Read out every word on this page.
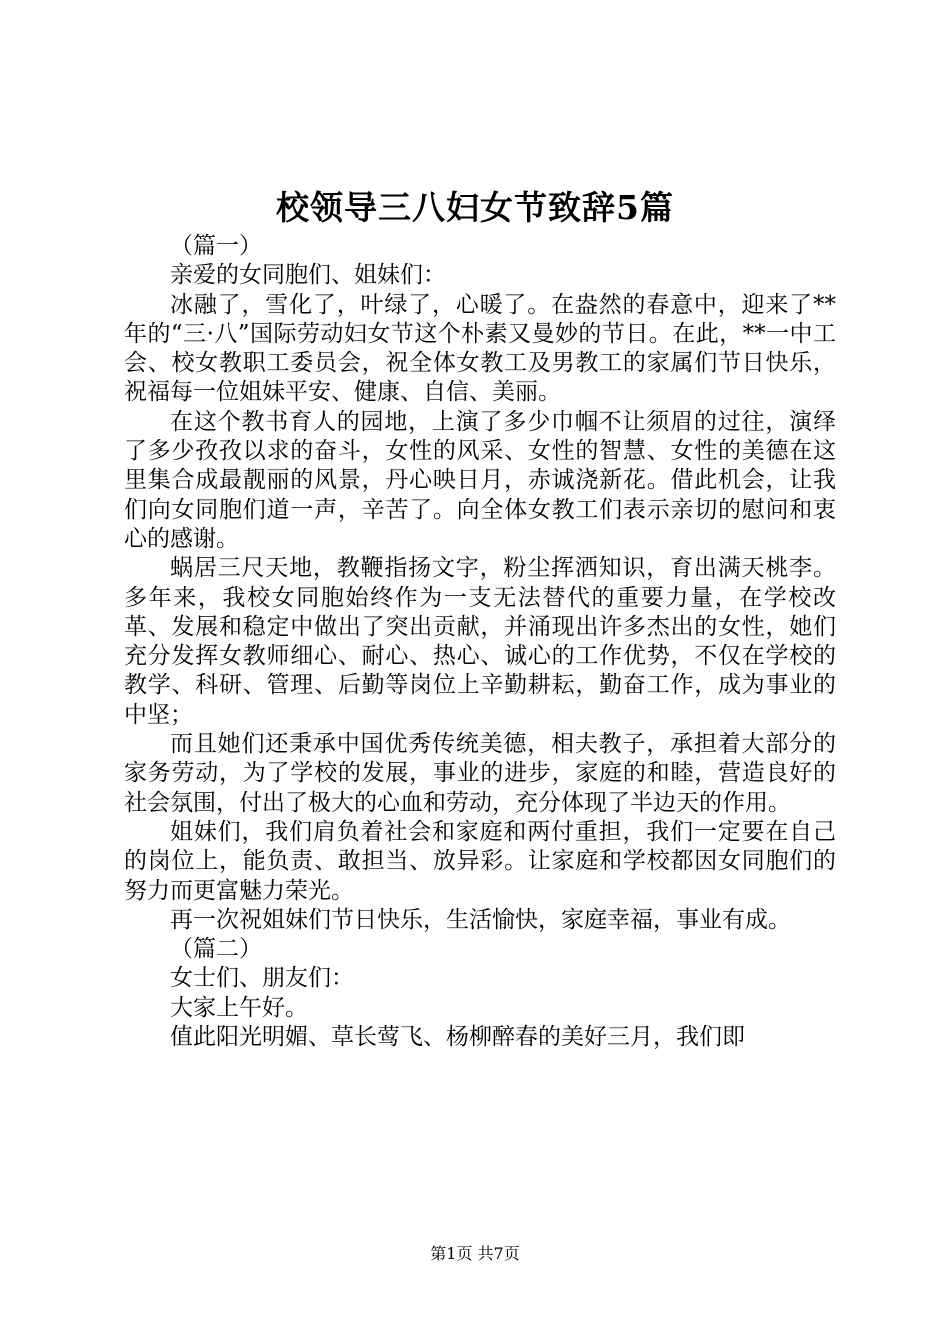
校领导三八妇女节致辞5篇

（篇一）

亲爱的女同胞们、姐妹们：

冰融了，雪化了，叶绿了，心暖了。在盎然的春意中，迎来了**年的“三·八”国际劳动妇女节这个朴素又曼妙的节日。在此，**一中工会、校女教职工委员会，祝全体女教工及男教工的家属们节日快乐，祝福每一位姐妹平安、健康、自信、美丽。

在这个教书育人的园地，上演了多少巾帼不让须眉的过往，演绎了多少孜孜以求的奋斗，女性的风采、女性的智慧、女性的美德在这里集合成最靓丽的风景，丹心映日月，赤诚浇新花。借此机会，让我们向女同胞们道一声，辛苦了。向全体女教工们表示亲切的慰问和衷心的感谢。

蜗居三尺天地，教鞭指扬文字，粉尘挥洒知识，育出满天桃李。多年来，我校女同胞始终作为一支无法替代的重要力量，在学校改革、发展和稳定中做出了突出贡献，并涌现出许多杰出的女性，她们充分发挥女教师细心、耐心、热心、诚心的工作优势，不仅在学校的教学、科研、管理、后勤等岗位上辛勤耕耘，勤奋工作，成为事业的中坚；

而且她们还秉承中国优秀传统美德，相夫教子，承担着大部分的家务劳动，为了学校的发展，事业的进步，家庭的和睦，营造良好的社会氛围，付出了极大的心血和劳动，充分体现了半边天的作用。

姐妹们，我们肩负着社会和家庭和两付重担，我们一定要在自己的岗位上，能负责、敢担当、放异彩。让家庭和学校都因女同胞们的努力而更富魅力荣光。

再一次祝姐妹们节日快乐，生活愉快，家庭幸福，事业有成。

（篇二）

女士们、朋友们：

大家上午好。

值此阳光明媚、草长莺飞、杨柳醉春的美好三月，我们即

第1页 共7页
